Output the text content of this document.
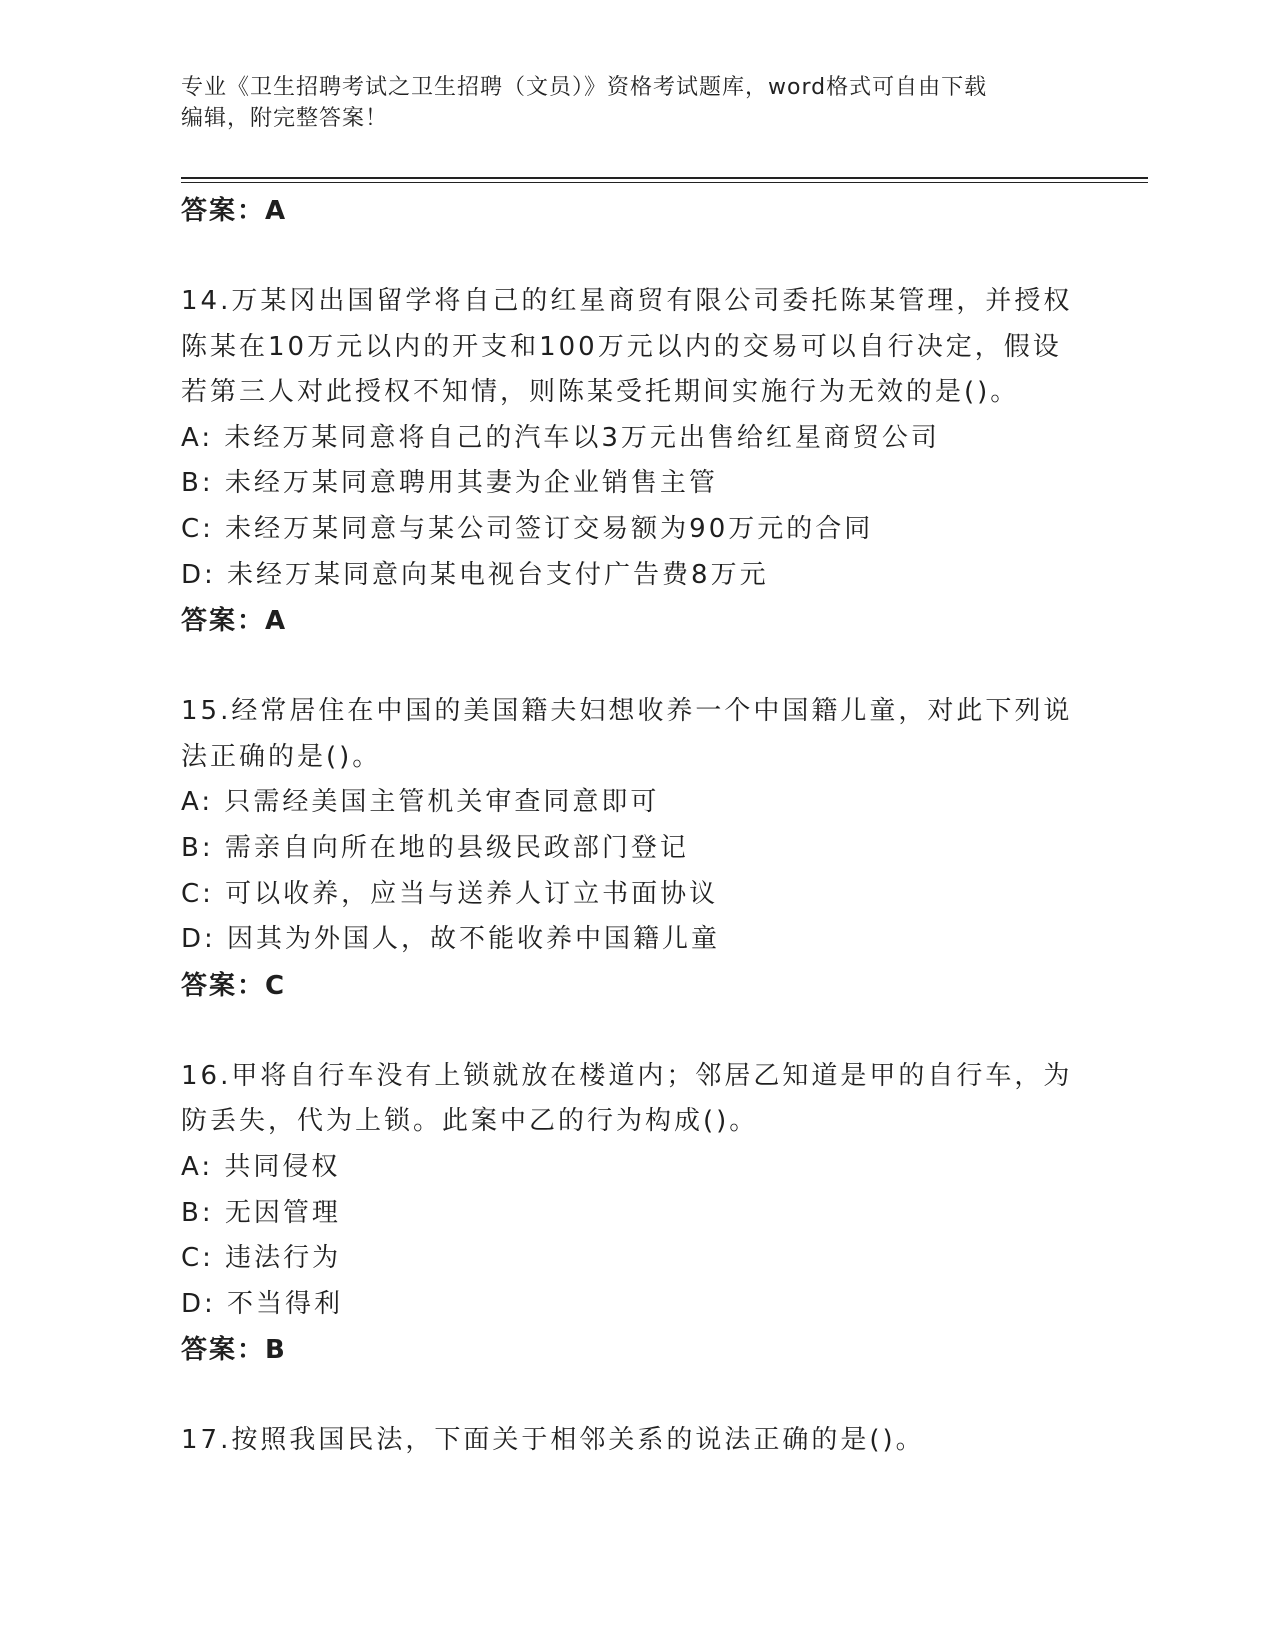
专业《卫生招聘考试之卫生招聘（文员）》资格考试题库，word格式可自由下载
编辑，附完整答案！
答案：A
14.万某冈出国留学将自己的红星商贸有限公司委托陈某管理，并授权陈某在10万元以内的开支和100万元以内的交易可以自行决定，假设若第三人对此授权不知情，则陈某受托期间实施行为无效的是()。
A: 未经万某同意将自己的汽车以3万元出售给红星商贸公司
B: 未经万某同意聘用其妻为企业销售主管
C: 未经万某同意与某公司签订交易额为90万元的合同
D: 未经万某同意向某电视台支付广告费8万元
答案：A
15.经常居住在中国的美国籍夫妇想收养一个中国籍儿童，对此下列说法正确的是()。
A: 只需经美国主管机关审查同意即可
B: 需亲自向所在地的县级民政部门登记
C: 可以收养，应当与送养人订立书面协议
D: 因其为外国人，故不能收养中国籍儿童
答案：C
16.甲将自行车没有上锁就放在楼道内；邻居乙知道是甲的自行车，为防丢失，代为上锁。此案中乙的行为构成()。
A: 共同侵权
B: 无因管理
C: 违法行为
D: 不当得利
答案：B
17.按照我国民法，下面关于相邻关系的说法正确的是()。
